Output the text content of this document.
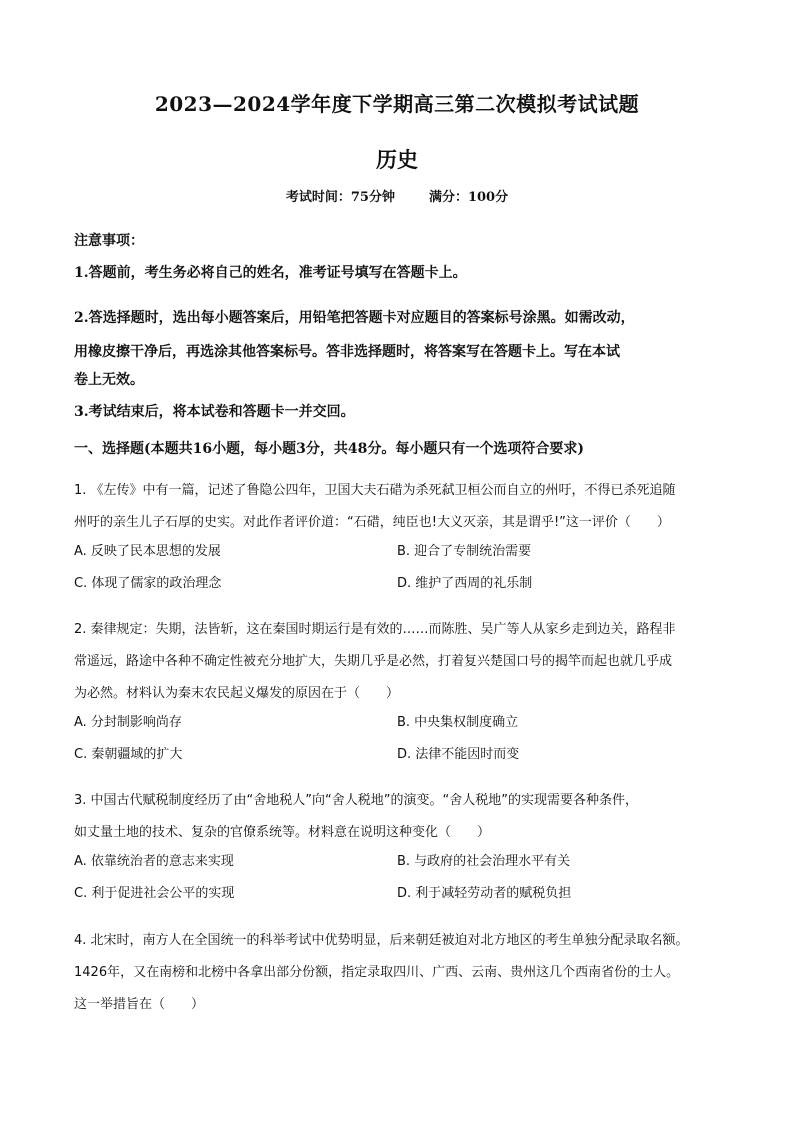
2023—2024学年度下学期高三第二次模拟考试试题
历史
考试时间：75分钟	满分：100分
注意事项：
1.答题前，考生务必将自己的姓名，准考证号填写在答题卡上。
2.答选择题时，选出每小题答案后，用铅笔把答题卡对应题目的答案标号涂黑。如需改动，
用橡皮擦干净后，再选涂其他答案标号。答非选择题时，将答案写在答题卡上。写在本试
卷上无效。
3.考试结束后，将本试卷和答题卡一并交回。
一、选择题(本题共16小题，每小题3分，共48分。每小题只有一个选项符合要求)
1. 《左传》中有一篇，记述了鲁隐公四年，卫国大夫石碏为杀死弑卫桓公而自立的州吁，不得已杀死追随
州吁的亲生儿子石厚的史实。对此作者评价道：“石碏，纯臣也!大义灭亲，其是谓乎!”这一评价（　　）
A. 反映了民本思想的发展	B. 迎合了专制统治需要
C. 体现了儒家的政治理念	D. 维护了西周的礼乐制
2. 秦律规定：失期，法皆斩，这在秦国时期运行是有效的……而陈胜、吴广等人从家乡走到边关，路程非
常遥远，路途中各种不确定性被充分地扩大，失期几乎是必然，打着复兴楚国口号的揭竿而起也就几乎成
为必然。材料认为秦末农民起义爆发的原因在于（　　）
A. 分封制影响尚存	B. 中央集权制度确立
C. 秦朝疆域的扩大	D. 法律不能因时而变
3. 中国古代赋税制度经历了由“舍地税人”向“舍人税地”的演变。“舍人税地”的实现需要各种条件，
如丈量土地的技术、复杂的官僚系统等。材料意在说明这种变化（　　）
A. 依靠统治者的意志来实现	B. 与政府的社会治理水平有关
C. 利于促进社会公平的实现	D. 利于减轻劳动者的赋税负担
4. 北宋时，南方人在全国统一的科举考试中优势明显，后来朝廷被迫对北方地区的考生单独分配录取名额。
1426年，又在南榜和北榜中各拿出部分份额，指定录取四川、广西、云南、贵州这几个西南省份的士人。
这一举措旨在（　　）
